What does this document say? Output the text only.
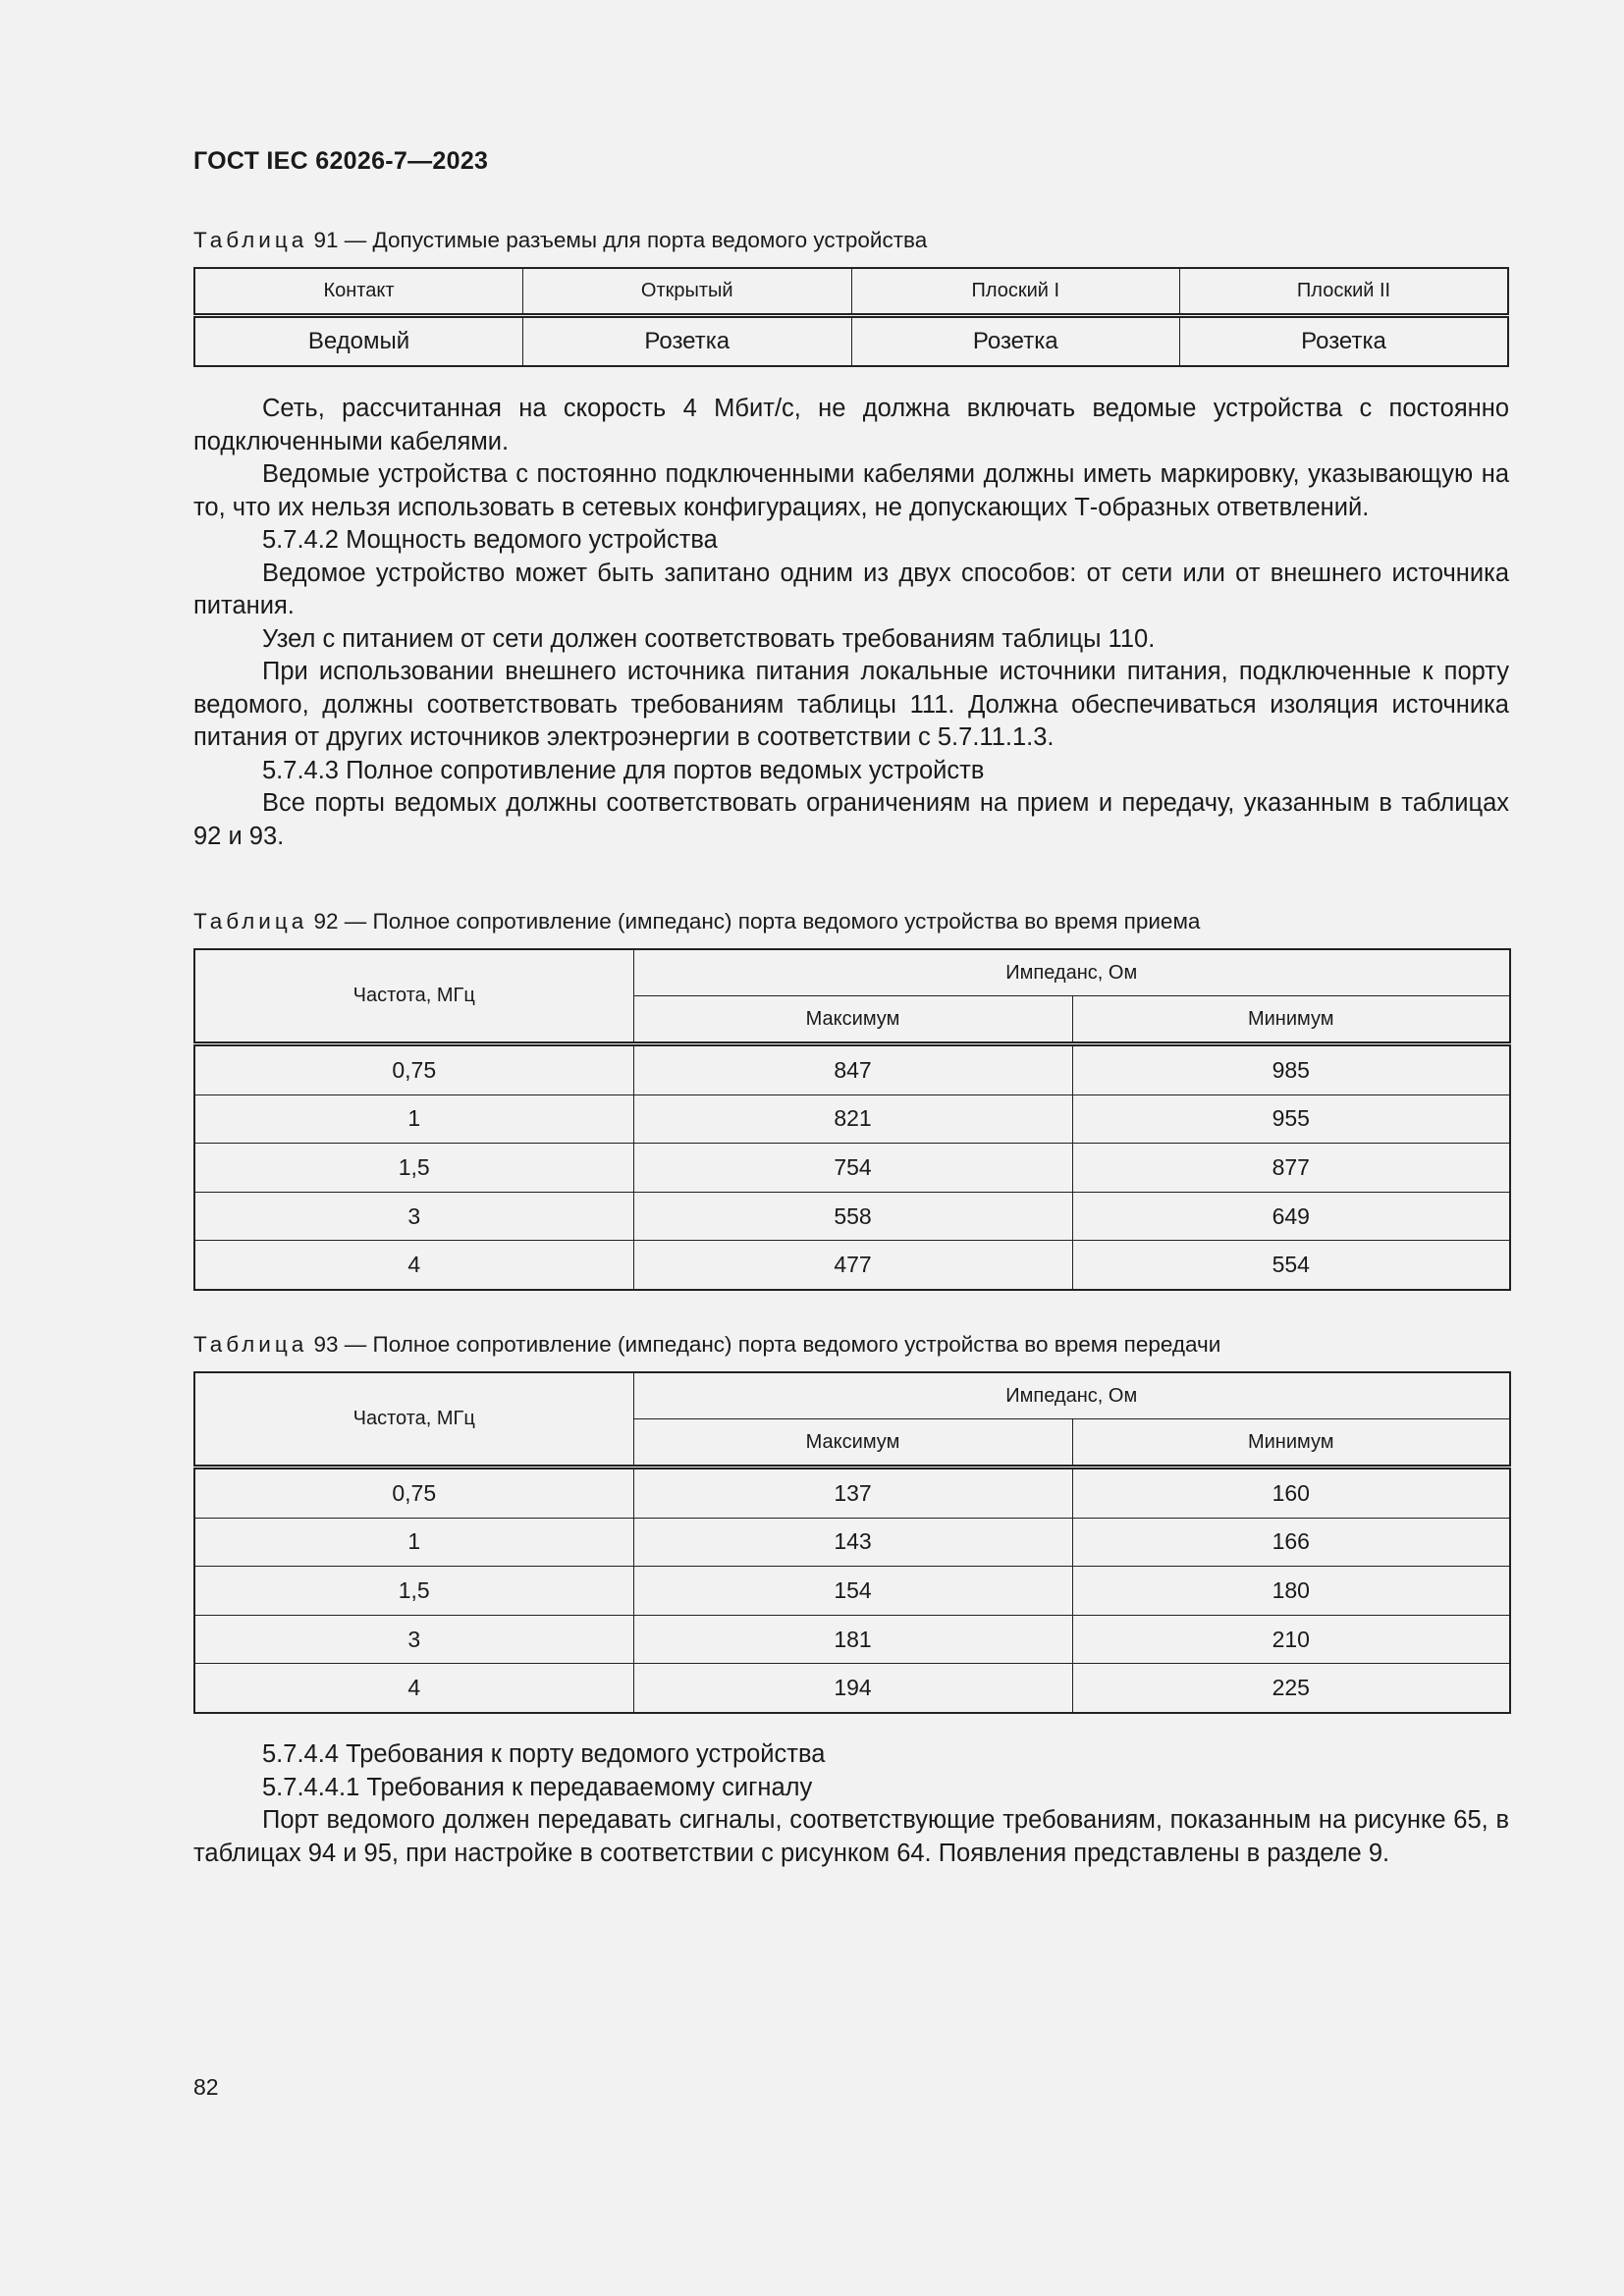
ГОСТ IEC 62026-7—2023
Таблица 91 — Допустимые разъемы для порта ведомого устройства
Контакт	Открытый	Плоский I	Плоский II
Ведомый	Розетка	Розетка	Розетка

Сеть, рассчитанная на скорость 4 Мбит/с, не должна включать ведомые устройства с постоянно подключенными кабелями.

Ведомые устройства с постоянно подключенными кабелями должны иметь маркировку, указывающую на то, что их нельзя использовать в сетевых конфигурациях, не допускающих Т-образных ответвлений.

5.7.4.2 Мощность ведомого устройства

Ведомое устройство может быть запитано одним из двух способов: от сети или от внешнего источника питания.

Узел с питанием от сети должен соответствовать требованиям таблицы 110.

При использовании внешнего источника питания локальные источники питания, подключенные к порту ведомого, должны соответствовать требованиям таблицы 111. Должна обеспечиваться изоляция источника питания от других источников электроэнергии в соответствии с 5.7.11.1.3.

5.7.4.3 Полное сопротивление для портов ведомых устройств

Все порты ведомых должны соответствовать ограничениям на прием и передачу, указанным в таблицах 92 и 93.

Таблица 92 — Полное сопротивление (импеданс) порта ведомого устройства во время приема
Частота, МГц	Импеданс, Ом	
	Максимум	Минимум
0,75	847	985
1	821	955
1,5	754	877
3	558	649
4	477	554
Таблица 93 — Полное сопротивление (импеданс) порта ведомого устройства во время передачи
Частота, МГц	Импеданс, Ом	
	Максимум	Минимум
0,75	137	160
1	143	166
1,5	154	180
3	181	210
4	194	225

5.7.4.4 Требования к порту ведомого устройства

5.7.4.4.1 Требования к передаваемому сигналу

Порт ведомого должен передавать сигналы, соответствующие требованиям, показанным на рисунке 65, в таблицах 94 и 95, при настройке в соответствии с рисунком 64. Появления представлены в разделе 9.

82
